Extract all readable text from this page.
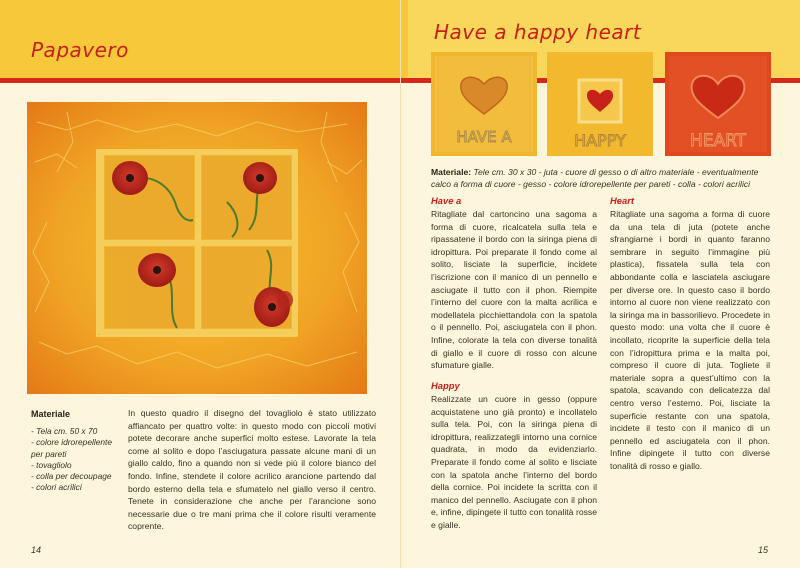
Papavero
Materiale
- Tela cm. 50 x 70
- colore idrorepellente per pareti
- tovagliolo
- colla per decoupage
- colori acrilici

In questo quadro il disegno del tovagliolo è stato utilizzato affiancato per quattro volte: in questo modo con piccoli motivi potete decorare anche superfici molto estese. Lavorate la tela come al solito e dopo l’asciugatura passate alcune mani di un giallo caldo, fino a quando non si vede più il colore bianco del fondo. Infine, stendete il colore acrilico arancione partendo dal bordo esterno della tela e sfumatelo nel giallo verso il centro. Tenete in considerazione che anche per l’arancione sono necessarie due o tre mani prima che il colore risulti veramente coprente.

14
Have a happy heart
HAVE A	HAPPY	HEART

Materiale: Tele cm. 30 x 30 - juta - cuore di gesso o di altro materiale - eventualmente calco a forma di cuore - gesso - colore idrorepellente per pareti - colla - colori acrilici

Have a

Ritagliate dal cartoncino una sagoma a forma di cuore, ricalcatela sulla tela e ripassatene il bordo con la siringa piena di idropittura. Poi preparate il fondo come al solito, lisciate la superficie, incidete l’iscrizione con il manico di un pennello e asciugate il tutto con il phon. Riempite l’interno del cuore con la malta acrilica e modellatela picchiettandola con la spatola o il pennello. Poi, asciugatela con il phon. Infine, colorate la tela con diverse tonalità di giallo e il cuore di rosso con alcune sfumature gialle.

Happy

Realizzate un cuore in gesso (oppure acquistatene uno già pronto) e incollatelo sulla tela. Poi, con la siringa piena di idropittura, realizzategli intorno una cornice quadrata, in modo da evidenziarlo. Preparate il fondo come al solito e lisciate con la spatola anche l’interno del bordo della cornice. Poi incidete la scritta con il manico del pennello. Asciugate con il phon e, infine, dipingete il tutto con tonalità rosse e gialle.

Heart

Ritagliate una sagoma a forma di cuore da una tela di juta (potete anche sfrangiarne i bordi in quanto faranno sembrare in seguito l’immagine più plastica), fissatela sulla tela con abbondante colla e lasciatela asciugare per diverse ore. In questo caso il bordo intorno al cuore non viene realizzato con la siringa ma in bassorilievo. Procedete in questo modo: una volta che il cuore è incollato, ricoprite la superficie della tela con l’idropittura prima e la malta poi, compreso il cuore di juta. Togliete il materiale sopra a quest’ultimo con la spatola, scavando con delicatezza dal centro verso l’esterno. Poi, lisciate la superficie restante con una spatola, incidete il testo con il manico di un pennello ed asciugatela con il phon. Infine dipingete il tutto con diverse tonalità di rosso e giallo.

15
